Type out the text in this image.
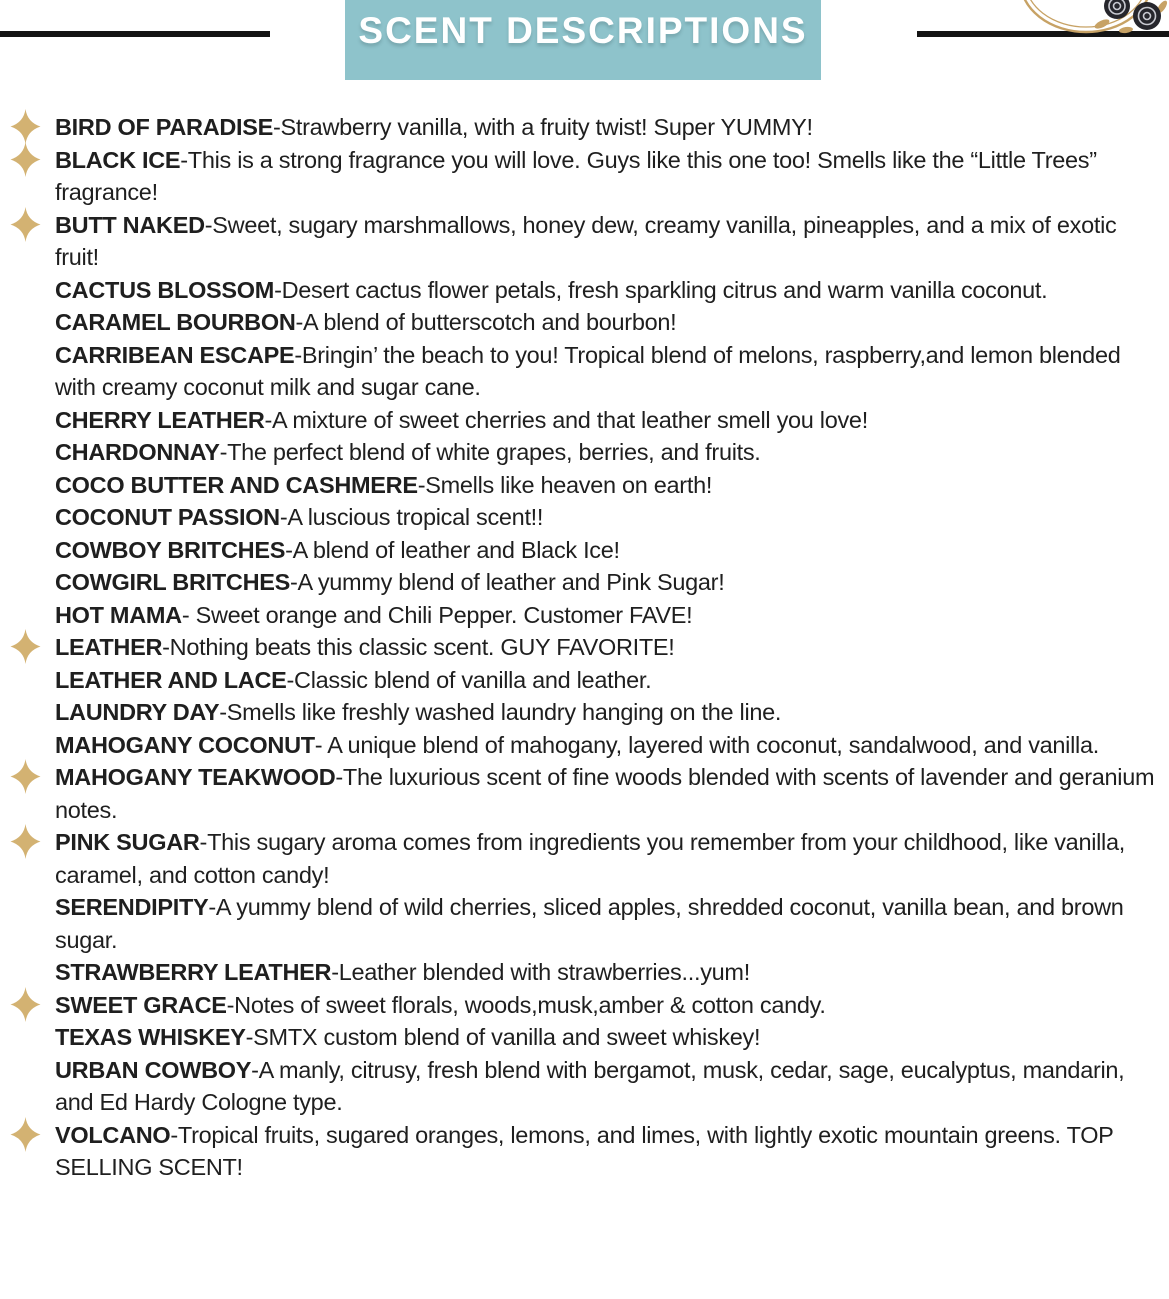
SCENT DESCRIPTIONS
BIRD OF PARADISE-Strawberry vanilla, with a fruity twist! Super YUMMY!
BLACK ICE-This is a strong fragrance you will love. Guys like this one too! Smells like the “Little Trees” fragrance!
BUTT NAKED-Sweet, sugary marshmallows, honey dew, creamy vanilla, pineapples, and a mix of exotic fruit!
CACTUS BLOSSOM-Desert cactus flower petals, fresh sparkling citrus and warm vanilla coconut.
CARAMEL BOURBON-A blend of butterscotch and bourbon!
CARRIBEAN ESCAPE-Bringin’ the beach to you! Tropical blend of melons, raspberry,and lemon blended with creamy coconut milk and sugar cane.
CHERRY LEATHER-A mixture of sweet cherries and that leather smell you love!
CHARDONNAY-The perfect blend of white grapes, berries, and fruits.
COCO BUTTER AND CASHMERE-Smells like heaven on earth!
COCONUT PASSION-A luscious tropical scent!!
COWBOY BRITCHES-A blend of leather and Black Ice!
COWGIRL BRITCHES-A yummy blend of leather and Pink Sugar!
HOT MAMA- Sweet orange and Chili Pepper. Customer FAVE!
LEATHER-Nothing beats this classic scent. GUY FAVORITE!
LEATHER AND LACE-Classic blend of vanilla and leather.
LAUNDRY DAY-Smells like freshly washed laundry hanging on the line.
MAHOGANY COCONUT- A unique blend of mahogany, layered with coconut, sandalwood, and vanilla.
MAHOGANY TEAKWOOD-The luxurious scent of fine woods blended with scents of lavender and geranium notes.
PINK SUGAR-This sugary aroma comes from ingredients you remember from your childhood, like vanilla, caramel, and cotton candy!
SERENDIPITY-A yummy blend of wild cherries, sliced apples, shredded coconut, vanilla bean, and brown sugar.
STRAWBERRY LEATHER-Leather blended with strawberries...yum!
SWEET GRACE-Notes of sweet florals, woods,musk,amber & cotton candy.
TEXAS WHISKEY-SMTX custom blend of vanilla and sweet whiskey!
URBAN COWBOY-A manly, citrusy, fresh blend with bergamot, musk, cedar, sage, eucalyptus, mandarin, and Ed Hardy Cologne type.
VOLCANO-Tropical fruits, sugared oranges, lemons, and limes, with lightly exotic mountain greens. TOP SELLING SCENT!
